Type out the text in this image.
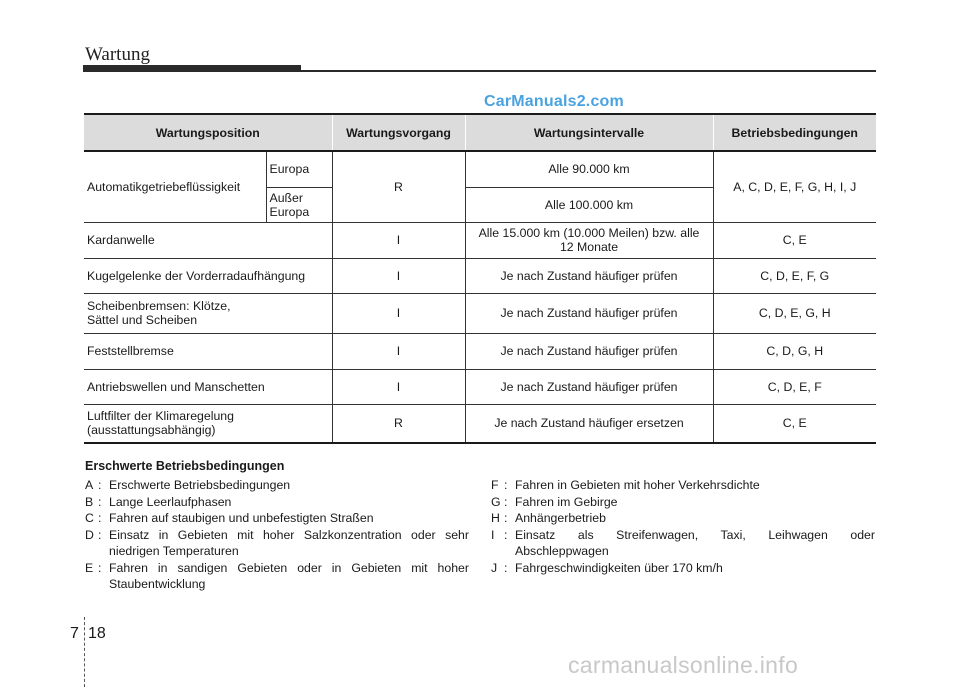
Wartung
CarManuals2.com
Wartungsposition		Wartungsvorgang	Wartungsintervalle	Betriebsbedingungen
Automatikgetriebeflüssigkeit	Europa	R	Alle 90.000 km	A, C, D, E, F, G, H, I, J
	Außer Europa		Alle 100.000 km	
Kardanwelle		I	Alle 15.000 km (10.000 Meilen) bzw. alle 12 Monate	C, E
Kugelgelenke der Vorderradaufhängung		I	Je nach Zustand häufiger prüfen	C, D, E, F, G
Scheibenbremsen: Klötze, Sättel und Scheiben		I	Je nach Zustand häufiger prüfen	C, D, E, G, H
Feststellbremse		I	Je nach Zustand häufiger prüfen	C, D, G, H
Antriebswellen und Manschetten		I	Je nach Zustand häufiger prüfen	C, D, E, F
Luftfilter der Klimaregelung (ausstattungsabhängig)		R	Je nach Zustand häufiger ersetzen	C, E
Erschwerte Betriebsbedingungen
A : Erschwerte Betriebsbedingungen
B : Lange Leerlaufphasen
C : Fahren auf staubigen und unbefestigten Straßen
D : Einsatz in Gebieten mit hoher Salzkonzentration oder sehr niedrigen Temperaturen
E : Fahren in sandigen Gebieten oder in Gebieten mit hoher Staubentwicklung
F : Fahren in Gebieten mit hoher Verkehrsdichte
G : Fahren im Gebirge
H : Anhängerbetrieb
I : Einsatz als Streifenwagen, Taxi, Leihwagen oder Abschleppwagen
J : Fahrgeschwindigkeiten über 170 km/h
7 18
carmanualsonline.info
